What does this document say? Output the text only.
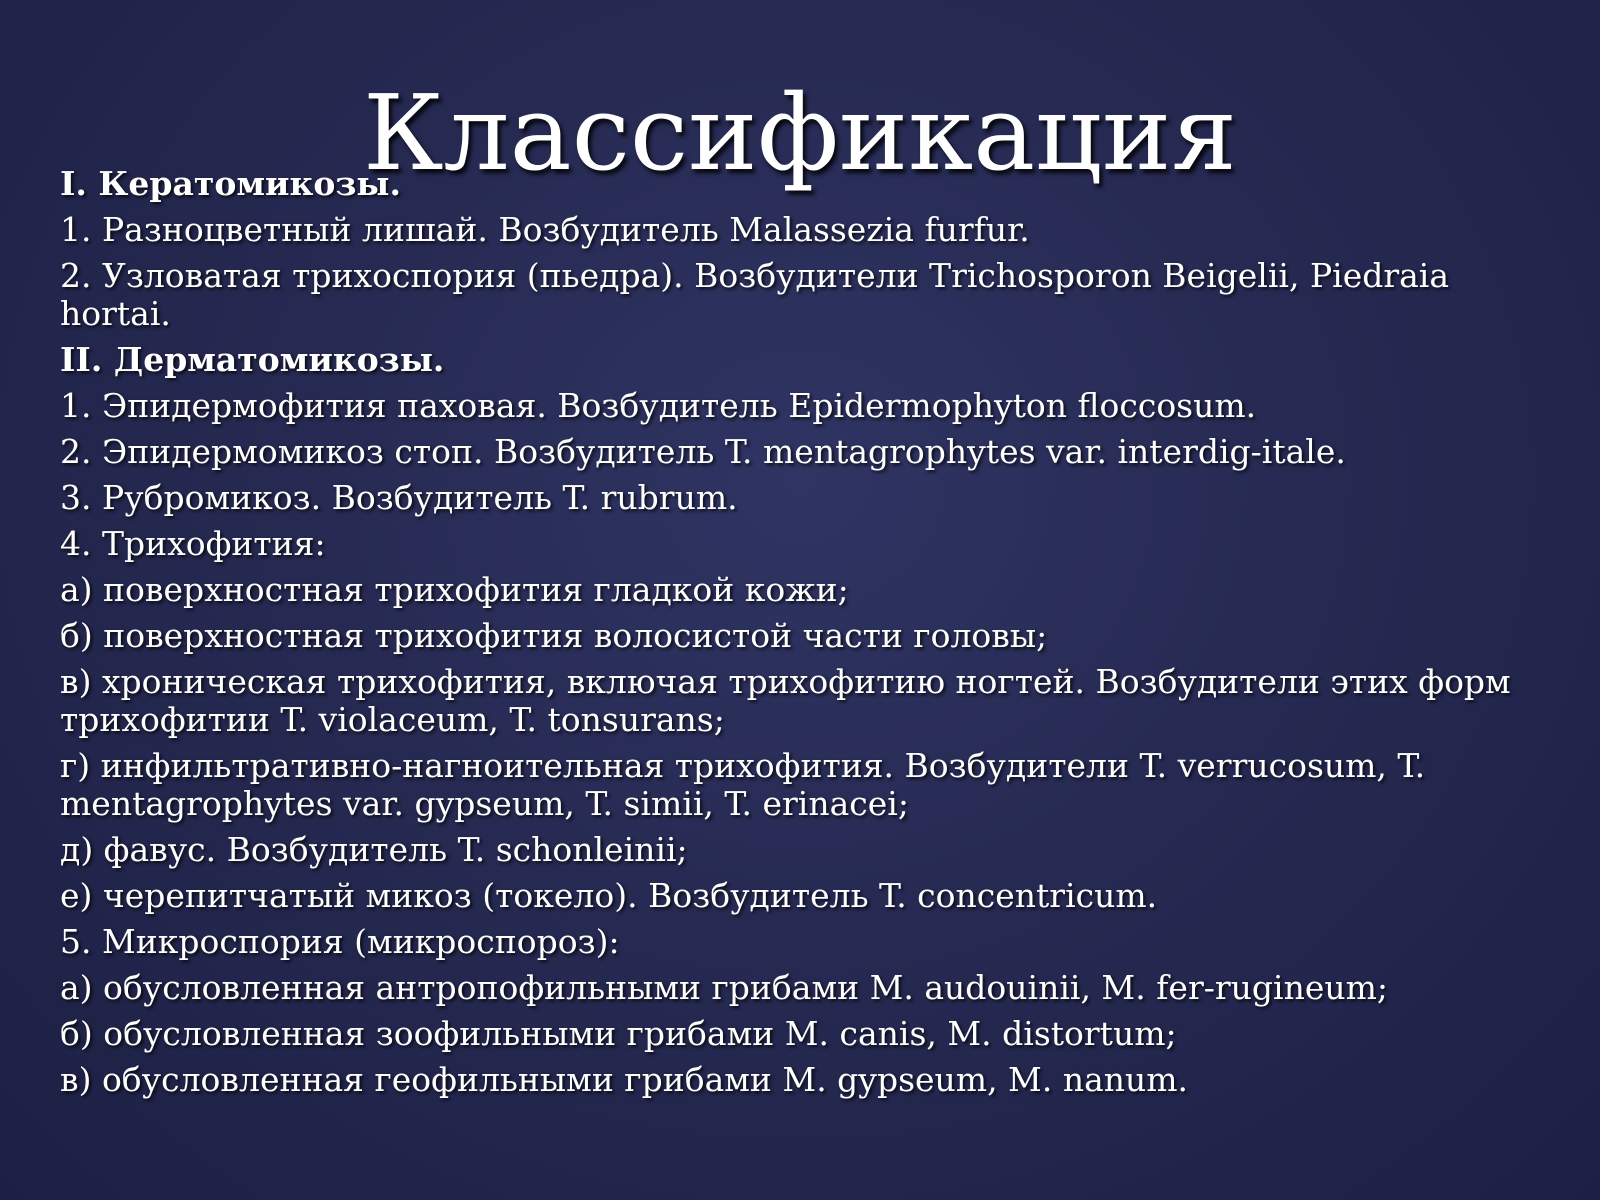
Классификация
I. Кератомикозы.
1. Разноцветный лишай. Возбудитель Malassezia furfur.
2. Узловатая трихоспория (пьедра). Возбудители Trichosporon Beigelii, Piedraia hortai.
II. Дерматомикозы.
1. Эпидермофития паховая. Возбудитель Epidermophyton floccosum.
2. Эпидермомикоз стоп. Возбудитель T. mentagrophytes var. interdig-itale.
3. Рубромикоз. Возбудитель T. rubrum.
4. Трихофития:
а) поверхностная трихофития гладкой кожи;
б) поверхностная трихофития волосистой части головы;
в) хроническая трихофития, включая трихофитию ногтей. Возбудители этих форм трихофитии T. violaceum, T. tonsurans;
г) инфильтративно-нагноительная трихофития. Возбудители T. verrucosum, T. mentagrophytes var. gypseum, T. simii, T. erinacei;
д) фавус. Возбудитель T. schonleinii;
е) черепитчатый микоз (токело). Возбудитель T. concentricum.
5. Микроспория (микроспороз):
а) обусловленная антропофильными грибами M. audouinii, M. fer-rugineum;
б) обусловленная зоофильными грибами M. canis, M. distortum;
в) обусловленная геофильными грибами M. gypseum, M. nanum.
